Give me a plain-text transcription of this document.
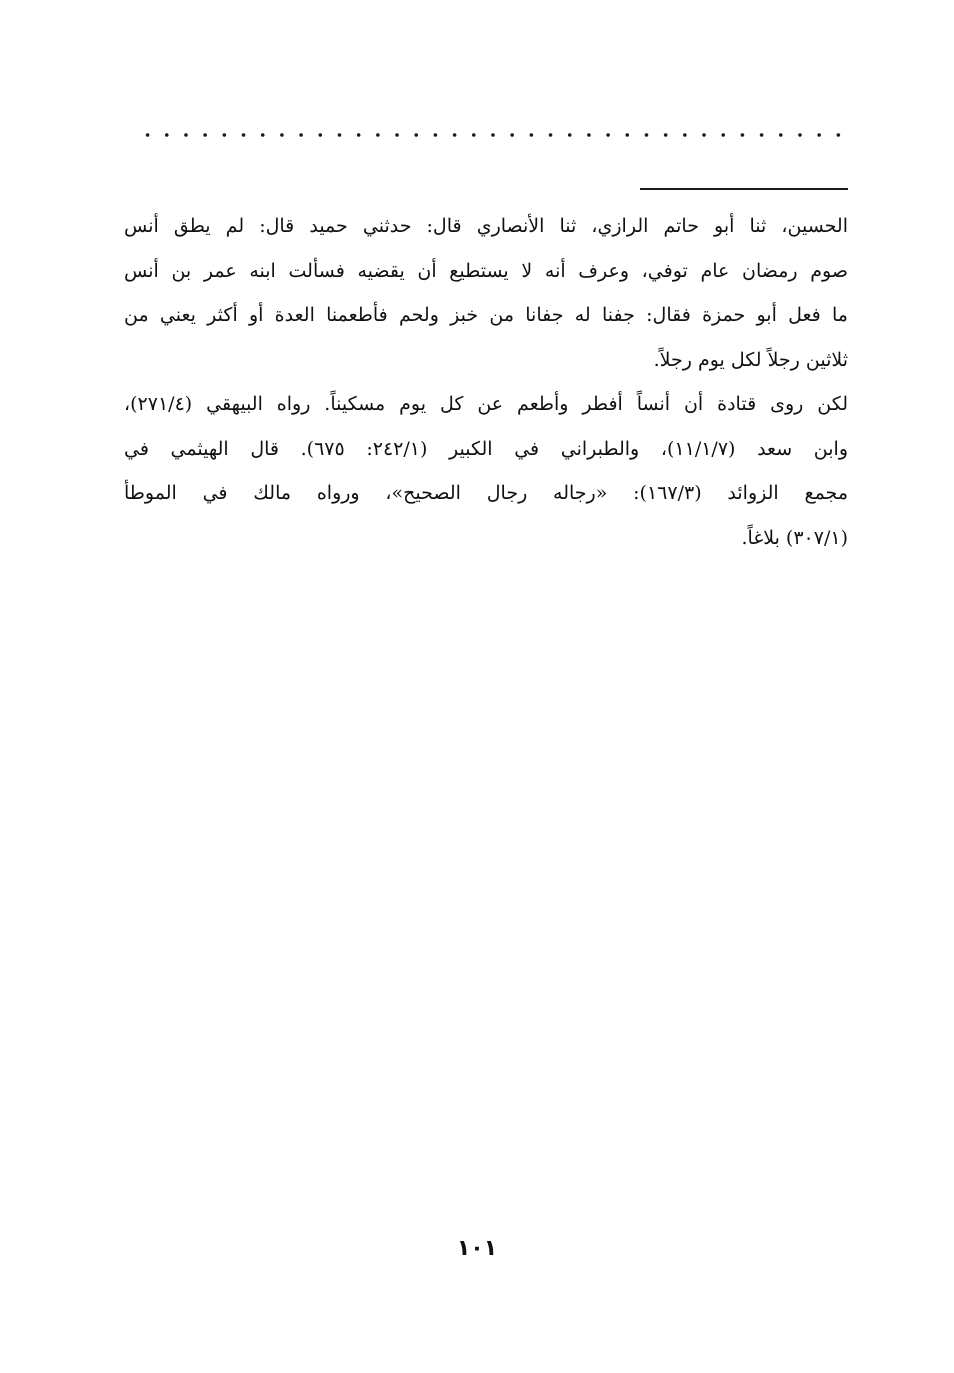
الحسين، ثنا أبو حاتم الرازي، ثنا الأنصاري قال: حدثني حميد قال: لم يطق أنس
صوم رمضان عام توفي، وعرف أنه لا يستطيع أن يقضيه فسألت ابنه عمر بن أنس
ما فعل أبو حمزة فقال: جفنا له جفانا من خبز ولحم فأطعمنا العدة أو أكثر يعني من
ثلاثين رجلاً لكل يوم رجلاً.
لكن روى قتادة أن أنساً أفطر وأطعم عن كل يوم مسكيناً. رواه البيهقي (٢٧١/٤)،
وابن سعد (١١/١/٧)، والطبراني في الكبير (٢٤٢/١: ٦٧٥). قال الهيثمي في
مجمع الزوائد (١٦٧/٣): «رجاله رجال الصحيح»، ورواه مالك في الموطأ
(٣٠٧/١) بلاغاً.
١٠١
